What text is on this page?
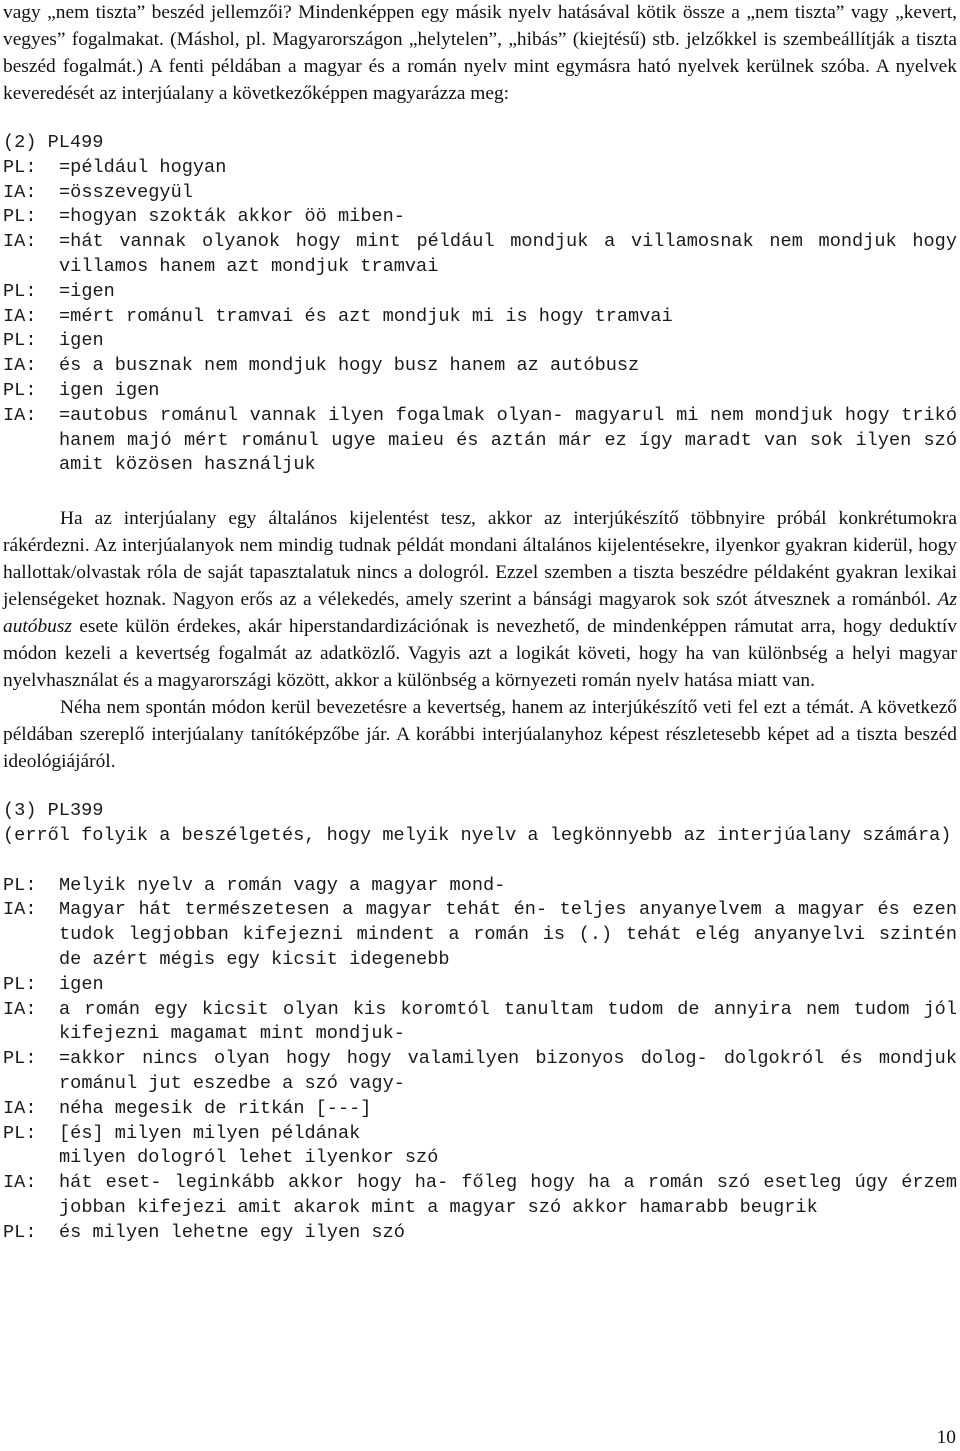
vagy „nem tiszta” beszéd jellemzői? Mindenképpen egy másik nyelv hatásával kötik össze a „nem tiszta” vagy „kevert, vegyes” fogalmakat. (Máshol, pl. Magyarországon „helytelen”, „hibás” (kiejtésű) stb. jelzőkkel is szembeállítják a tiszta beszéd fogalmát.) A fenti példában a magyar és a román nyelv mint egymásra ható nyelvek kerülnek szóba. A nyelvek keveredését az interjúalany a következőképpen magyarázza meg:

(2) PL499
PL:	=például hogyan
IA:	=összevegyül
PL:	=hogyan szokták akkor öö miben-
IA:	=hát vannak olyanok hogy mint például mondjuk a villamosnak nem mondjuk hogy villamos hanem azt mondjuk tramvai
PL:	=igen
IA:	=mért románul tramvai és azt mondjuk mi is hogy tramvai
PL:	igen
IA:	és a busznak nem mondjuk hogy busz hanem az autóbusz
PL:	igen igen
IA:	=autobus románul vannak ilyen fogalmak olyan- magyarul mi nem mondjuk hogy trikó hanem majó mért románul ugye maieu és aztán már ez így maradt van sok ilyen szó amit közösen használjuk

Ha az interjúalany egy általános kijelentést tesz, akkor az interjúkészítő többnyire próbál konkrétumokra rákérdezni. Az interjúalanyok nem mindig tudnak példát mondani általános kijelentésekre, ilyenkor gyakran kiderül, hogy hallottak/olvastak róla de saját tapasztalatuk nincs a dologról. Ezzel szemben a tiszta beszédre példaként gyakran lexikai jelenségeket hoznak. Nagyon erős az a vélekedés, amely szerint a bánsági magyarok sok szót átvesznek a románból. Az autóbusz esete külön érdekes, akár hiperstandardizációnak is nevezhető, de mindenképpen rámutat arra, hogy deduktív módon kezeli a kevertség fogalmát az adatközlő. Vagyis azt a logikát követi, hogy ha van különbség a helyi magyar nyelvhasználat és a magyarországi között, akkor a különbség a környezeti román nyelv hatása miatt van.

Néha nem spontán módon kerül bevezetésre a kevertség, hanem az interjúkészítő veti fel ezt a témát. A következő példában szereplő interjúalany tanítóképzőbe jár. A korábbi interjúalanyhoz képest részletesebb képet ad a tiszta beszéd ideológiájáról.

(3) PL399
(erről folyik a beszélgetés, hogy melyik nyelv a legkönnyebb az interjúalany számára)
PL:	Melyik nyelv a román vagy a magyar mond-
IA:	Magyar hát természetesen a magyar tehát én- teljes anyanyelvem a magyar és ezen tudok legjobban kifejezni mindent a román is (.) tehát elég anyanyelvi szintén de azért mégis egy kicsit idegenebb
PL:	igen
IA:	a román egy kicsit olyan kis koromtól tanultam tudom de annyira nem tudom jól kifejezni magamat mint mondjuk-
PL:	=akkor nincs olyan hogy hogy valamilyen bizonyos dolog- dolgokról és mondjuk románul jut eszedbe a szó vagy-
IA:	néha megesik de ritkán [---]
PL:	[és] milyen milyen példának
milyen dologról lehet ilyenkor szó
IA:	hát eset- leginkább akkor hogy ha- főleg hogy ha a román szó esetleg úgy érzem jobban kifejezi amit akarok mint a magyar szó akkor hamarabb beugrik
PL:	és milyen lehetne egy ilyen szó
10
